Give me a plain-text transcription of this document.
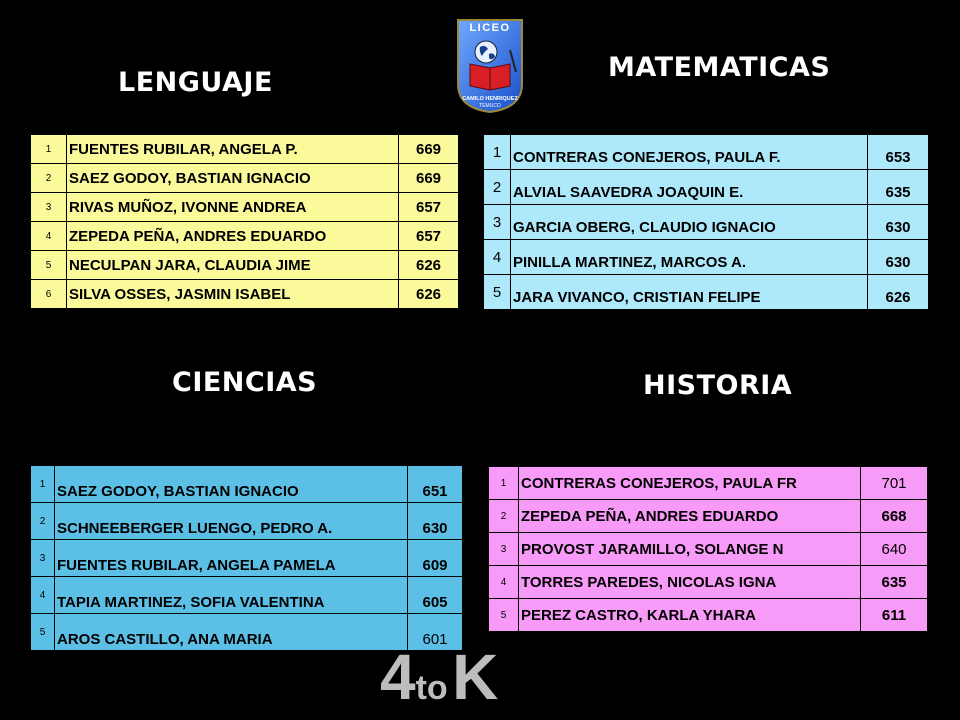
LENGUAJE	MATEMATICAS
CIENCIAS	HISTORIA
LICEO
CAMILO HENRIQUEZ
TEMUCO
1	FUENTES RUBILAR, ANGELA P.	669
2	SAEZ GODOY, BASTIAN IGNACIO	669
3	RIVAS MUÑOZ, IVONNE ANDREA	657
4	ZEPEDA PEÑA, ANDRES EDUARDO	657
5	NECULPAN JARA, CLAUDIA JIME	626
6	SILVA OSSES, JASMIN ISABEL	626
1	CONTRERAS CONEJEROS, PAULA F.	653
2	ALVIAL SAAVEDRA JOAQUIN E.	635
3	GARCIA OBERG, CLAUDIO IGNACIO	630
4	PINILLA MARTINEZ, MARCOS A.	630
5	JARA VIVANCO, CRISTIAN FELIPE	626
1	SAEZ GODOY, BASTIAN IGNACIO	651
2	SCHNEEBERGER LUENGO, PEDRO A.	630
3	FUENTES RUBILAR, ANGELA PAMELA	609
4	TAPIA MARTINEZ, SOFIA VALENTINA	605
5	AROS CASTILLO, ANA MARIA	601
1	CONTRERAS CONEJEROS, PAULA FR	701
2	ZEPEDA PEÑA, ANDRES EDUARDO	668
3	PROVOST JARAMILLO, SOLANGE N	640
4	TORRES PAREDES, NICOLAS IGNA	635
5	PEREZ CASTRO, KARLA YHARA	611
4to K
